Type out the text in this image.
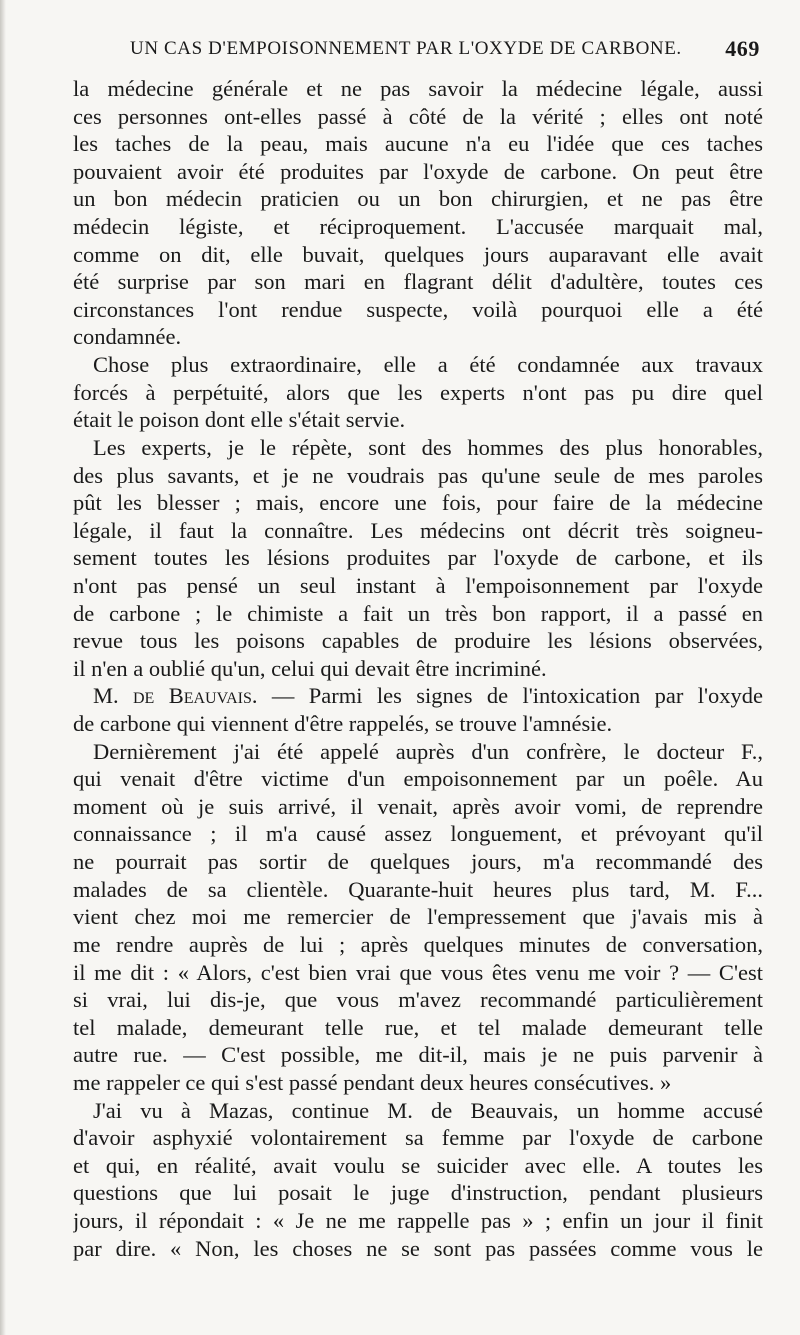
UN CAS D'EMPOISONNEMENT PAR L'OXYDE DE CARBONE. 469
la médecine générale et ne pas savoir la médecine légale, aussi
ces personnes ont-elles passé à côté de la vérité ; elles ont noté
les taches de la peau, mais aucune n'a eu l'idée que ces taches
pouvaient avoir été produites par l'oxyde de carbone. On peut être
un bon médecin praticien ou un bon chirurgien, et ne pas être
médecin légiste, et réciproquement. L'accusée marquait mal,
comme on dit, elle buvait, quelques jours auparavant elle avait
été surprise par son mari en flagrant délit d'adultère, toutes ces
circonstances l'ont rendue suspecte, voilà pourquoi elle a été
condamnée.
Chose plus extraordinaire, elle a été condamnée aux travaux
forcés à perpétuité, alors que les experts n'ont pas pu dire quel
était le poison dont elle s'était servie.
Les experts, je le répète, sont des hommes des plus honorables,
des plus savants, et je ne voudrais pas qu'une seule de mes paroles
pût les blesser ; mais, encore une fois, pour faire de la médecine
légale, il faut la connaître. Les médecins ont décrit très soigneu-
sement toutes les lésions produites par l'oxyde de carbone, et ils
n'ont pas pensé un seul instant à l'empoisonnement par l'oxyde
de carbone ; le chimiste a fait un très bon rapport, il a passé en
revue tous les poisons capables de produire les lésions observées,
il n'en a oublié qu'un, celui qui devait être incriminé.
M. de Beauvais. — Parmi les signes de l'intoxication par l'oxyde
de carbone qui viennent d'être rappelés, se trouve l'amnésie.
Dernièrement j'ai été appelé auprès d'un confrère, le docteur F.,
qui venait d'être victime d'un empoisonnement par un poêle. Au
moment où je suis arrivé, il venait, après avoir vomi, de reprendre
connaissance ; il m'a causé assez longuement, et prévoyant qu'il
ne pourrait pas sortir de quelques jours, m'a recommandé des
malades de sa clientèle. Quarante-huit heures plus tard, M. F...
vient chez moi me remercier de l'empressement que j'avais mis à
me rendre auprès de lui ; après quelques minutes de conversation,
il me dit : « Alors, c'est bien vrai que vous êtes venu me voir ? — C'est
si vrai, lui dis-je, que vous m'avez recommandé particulièrement
tel malade, demeurant telle rue, et tel malade demeurant telle
autre rue. — C'est possible, me dit-il, mais je ne puis parvenir à
me rappeler ce qui s'est passé pendant deux heures consécutives. »
J'ai vu à Mazas, continue M. de Beauvais, un homme accusé
d'avoir asphyxié volontairement sa femme par l'oxyde de carbone
et qui, en réalité, avait voulu se suicider avec elle. A toutes les
questions que lui posait le juge d'instruction, pendant plusieurs
jours, il répondait : « Je ne me rappelle pas » ; enfin un jour il finit
par dire. « Non, les choses ne se sont pas passées comme vous le
